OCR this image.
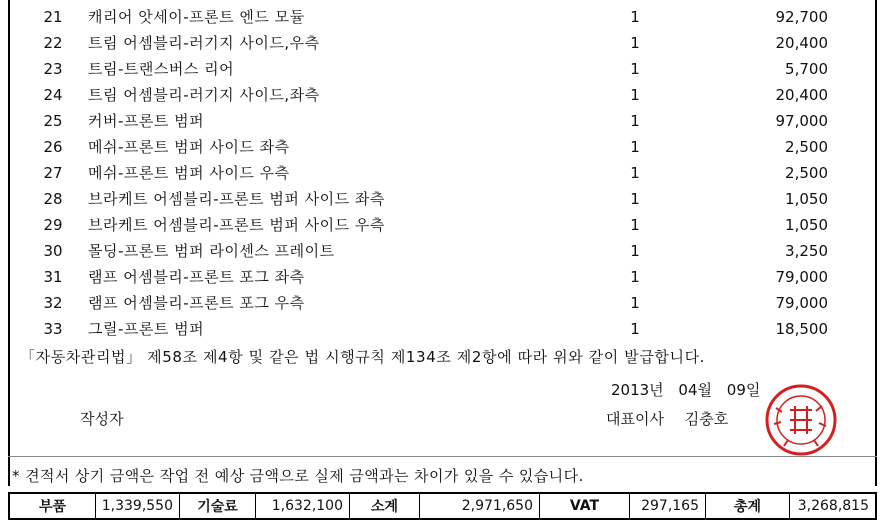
21	캐리어 앗세이-프론트 엔드 모듈	1	92,700
22	트림 어셈블리-러기지 사이드,우측	1	20,400
23	트림-트랜스버스 리어	1	5,700
24	트림 어셈블리-러기지 사이드,좌측	1	20,400
25	커버-프론트 범퍼	1	97,000
26	메쉬-프론트 범퍼 사이드 좌측	1	2,500
27	메쉬-프론트 범퍼 사이드 우측	1	2,500
28	브라케트 어셈블리-프론트 범퍼 사이드 좌측	1	1,050
29	브라케트 어셈블리-프론트 범퍼 사이드 우측	1	1,050
30	몰딩-프론트 범퍼 라이센스 프레이트	1	3,250
31	램프 어셈블리-프론트 포그 좌측	1	79,000
32	램프 어셈블리-프론트 포그 우측	1	79,000
33	그릴-프론트 범퍼	1	18,500
「자동차관리법」 제58조 제4항 및 같은 법 시행규칙 제134조 제2항에 따라 위와 같이 발급합니다.
2013년 04월 09일
작성자	대표이사 김충호
* 견적서 상기 금액은 작업 전 예상 금액으로 실제 금액과는 차이가 있을 수 있습니다.
부품	1,339,550	기술료	1,632,100	소계	2,971,650	VAT	297,165	총계	3,268,815
